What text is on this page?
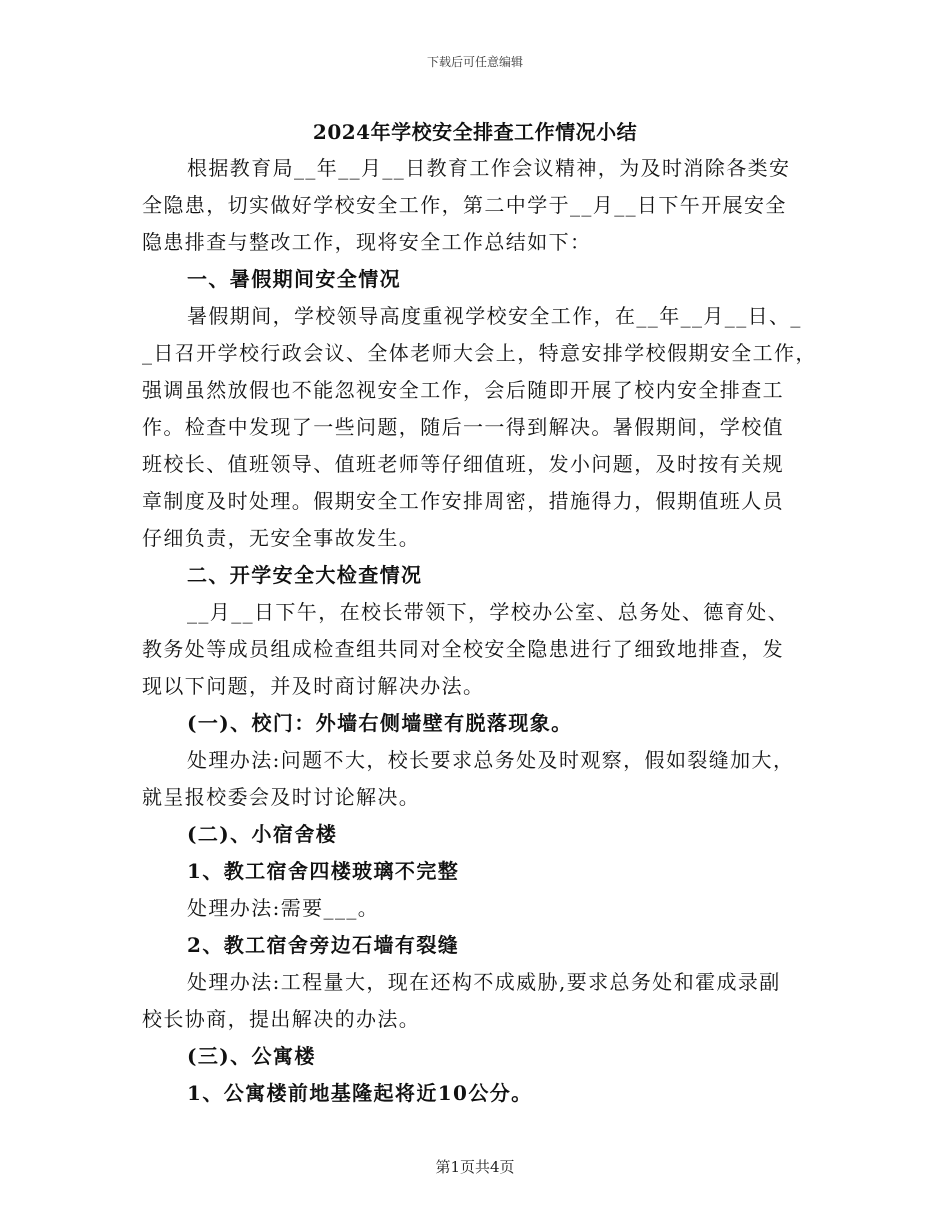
下载后可任意编辑
2024年学校安全排查工作情况小结
根据教育局__年__月__日教育工作会议精神，为及时消除各类安
全隐患，切实做好学校安全工作，第二中学于__月__日下午开展安全
隐患排查与整改工作，现将安全工作总结如下：
一、暑假期间安全情况
暑假期间，学校领导高度重视学校安全工作，在__年__月__日、_
_日召开学校行政会议、全体老师大会上，特意安排学校假期安全工作，
强调虽然放假也不能忽视安全工作，会后随即开展了校内安全排查工
作。检查中发现了一些问题，随后一一得到解决。暑假期间，学校值
班校长、值班领导、值班老师等仔细值班，发小问题，及时按有关规
章制度及时处理。假期安全工作安排周密，措施得力，假期值班人员
仔细负责，无安全事故发生。
二、开学安全大检查情况
__月__日下午，在校长带领下，学校办公室、总务处、德育处、
教务处等成员组成检查组共同对全校安全隐患进行了细致地排查，发
现以下问题，并及时商讨解决办法。
(一)、校门：外墙右侧墙壁有脱落现象。
处理办法:问题不大，校长要求总务处及时观察，假如裂缝加大，
就呈报校委会及时讨论解决。
(二)、小宿舍楼
1、教工宿舍四楼玻璃不完整
处理办法:需要___。
2、教工宿舍旁边石墙有裂缝
处理办法:工程量大，现在还构不成威胁,要求总务处和霍成录副
校长协商，提出解决的办法。
(三)、公寓楼
1、公寓楼前地基隆起将近10公分。
第1页共4页
